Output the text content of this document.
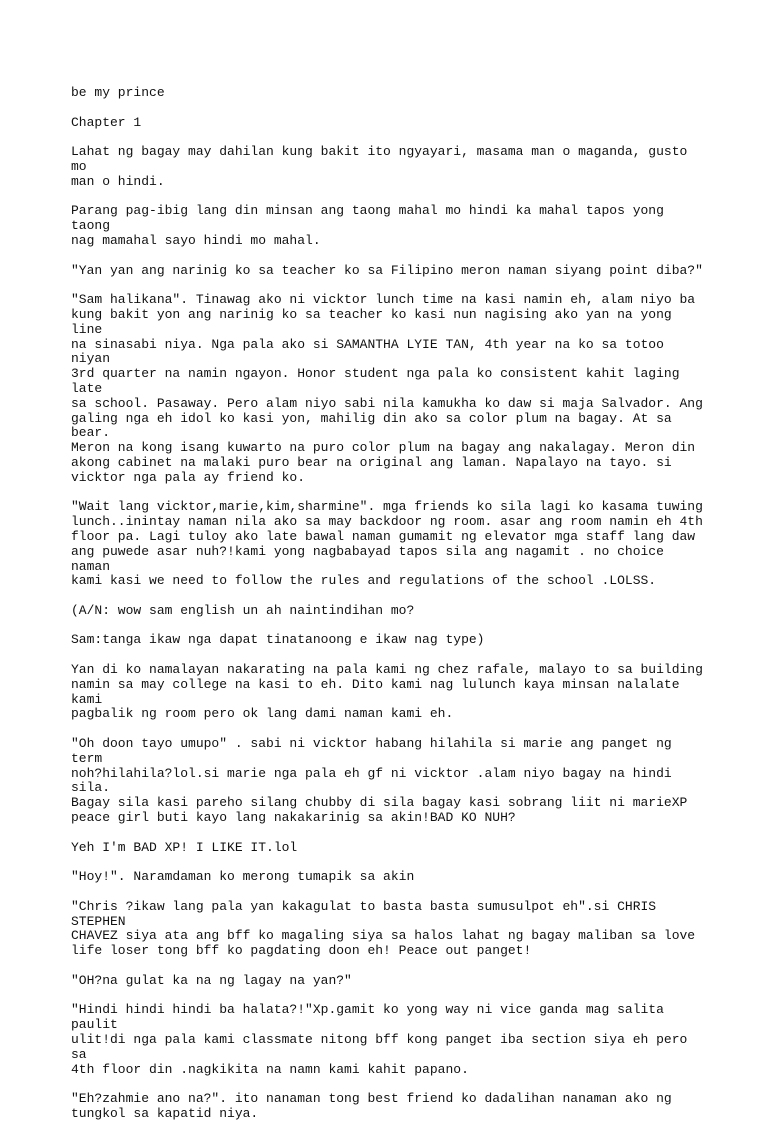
be my prince

Chapter 1

Lahat ng bagay may dahilan kung bakit ito ngyayari, masama man o maganda, gusto mo
man o hindi.

Parang pag-ibig lang din minsan ang taong mahal mo hindi ka mahal tapos yong taong
nag mamahal sayo hindi mo mahal.

"Yan yan ang narinig ko sa teacher ko sa Filipino meron naman siyang point diba?"

"Sam halikana". Tinawag ako ni vicktor lunch time na kasi namin eh, alam niyo ba
kung bakit yon ang narinig ko sa teacher ko kasi nun nagising ako yan na yong line
na sinasabi niya. Nga pala ako si SAMANTHA LYIE TAN, 4th year na ko sa totoo niyan
3rd quarter na namin ngayon. Honor student nga pala ko consistent kahit laging late
sa school. Pasaway. Pero alam niyo sabi nila kamukha ko daw si maja Salvador. Ang
galing nga eh idol ko kasi yon, mahilig din ako sa color plum na bagay. At sa bear.
Meron na kong isang kuwarto na puro color plum na bagay ang nakalagay. Meron din
akong cabinet na malaki puro bear na original ang laman. Napalayo na tayo. si
vicktor nga pala ay friend ko.

"Wait lang vicktor,marie,kim,sharmine". mga friends ko sila lagi ko kasama tuwing
lunch..inintay naman nila ako sa may backdoor ng room. asar ang room namin eh 4th
floor pa. Lagi tuloy ako late bawal naman gumamit ng elevator mga staff lang daw
ang puwede asar nuh?!kami yong nagbabayad tapos sila ang nagamit . no choice naman
kami kasi we need to follow the rules and regulations of the school .LOLSS.

(A/N: wow sam english un ah naintindihan mo?

Sam:tanga ikaw nga dapat tinatanoong e ikaw nag type)

Yan di ko namalayan nakarating na pala kami ng chez rafale, malayo to sa building
namin sa may college na kasi to eh. Dito kami nag lulunch kaya minsan nalalate kami
pagbalik ng room pero ok lang dami naman kami eh.

"Oh doon tayo umupo" . sabi ni vicktor habang hilahila si marie ang panget ng term
noh?hilahila?lol.si marie nga pala eh gf ni vicktor .alam niyo bagay na hindi sila.
Bagay sila kasi pareho silang chubby di sila bagay kasi sobrang liit ni marieXP
peace girl buti kayo lang nakakarinig sa akin!BAD KO NUH?

Yeh I'm BAD XP! I LIKE IT.lol

"Hoy!". Naramdaman ko merong tumapik sa akin

"Chris ?ikaw lang pala yan kakagulat to basta basta sumusulpot eh".si CHRIS STEPHEN
CHAVEZ siya ata ang bff ko magaling siya sa halos lahat ng bagay maliban sa love
life loser tong bff ko pagdating doon eh! Peace out panget!

"OH?na gulat ka na ng lagay na yan?"

"Hindi hindi hindi ba halata?!"Xp.gamit ko yong way ni vice ganda mag salita paulit
ulit!di nga pala kami classmate nitong bff kong panget iba section siya eh pero sa
4th floor din .nagkikita na namn kami kahit papano.

"Eh?zahmie ano na?". ito nanaman tong best friend ko dadalihan nanaman ako ng
tungkol sa kapatid niya.
